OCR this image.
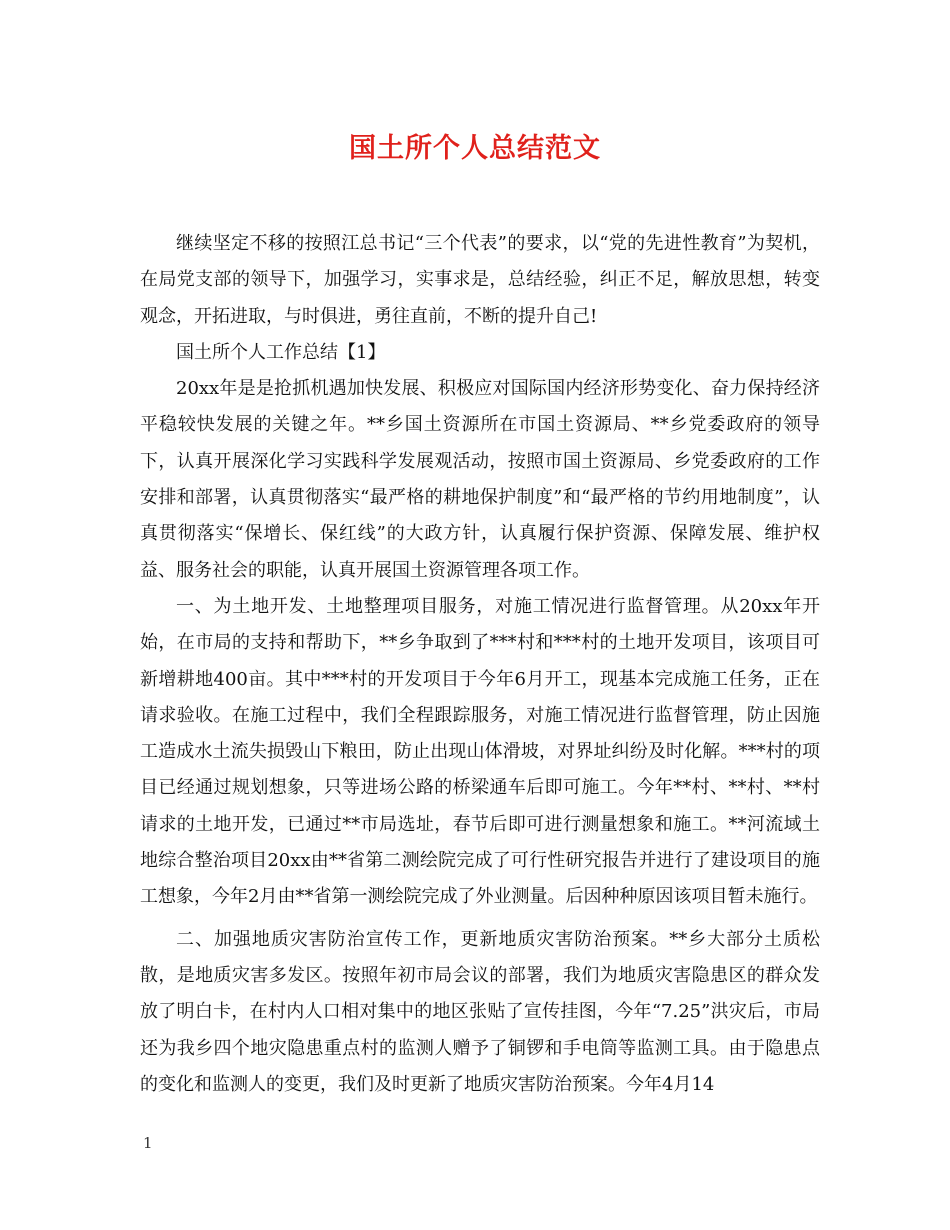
国土所个人总结范文

继续坚定不移的按照江总书记“三个代表”的要求，以“党的先进性教育”为契机，在局党支部的领导下，加强学习，实事求是，总结经验，纠正不足，解放思想，转变观念，开拓进取，与时俱进，勇往直前，不断的提升自己!

国土所个人工作总结【1】

20xx年是是抢抓机遇加快发展、积极应对国际国内经济形势变化、奋力保持经济平稳较快发展的关键之年。**乡国土资源所在市国土资源局、**乡党委政府的领导下，认真开展深化学习实践科学发展观活动，按照市国土资源局、乡党委政府的工作安排和部署，认真贯彻落实“最严格的耕地保护制度”和“最严格的节约用地制度”，认真贯彻落实“保增长、保红线”的大政方针，认真履行保护资源、保障发展、维护权益、服务社会的职能，认真开展国土资源管理各项工作。

一、为土地开发、土地整理项目服务，对施工情况进行监督管理。从20xx年开始，在市局的支持和帮助下，**乡争取到了***村和***村的土地开发项目，该项目可新增耕地400亩。其中***村的开发项目于今年6月开工，现基本完成施工任务，正在请求验收。在施工过程中，我们全程跟踪服务，对施工情况进行监督管理，防止因施工造成水土流失损毁山下粮田，防止出现山体滑坡，对界址纠纷及时化解。***村的项目已经通过规划想象，只等进场公路的桥梁通车后即可施工。今年**村、**村、**村请求的土地开发，已通过**市局选址，春节后即可进行测量想象和施工。**河流域土地综合整治项目20xx由**省第二测绘院完成了可行性研究报告并进行了建设项目的施工想象，今年2月由**省第一测绘院完成了外业测量。后因种种原因该项目暂未施行。

二、加强地质灾害防治宣传工作，更新地质灾害防治预案。**乡大部分土质松散，是地质灾害多发区。按照年初市局会议的部署，我们为地质灾害隐患区的群众发放了明白卡，在村内人口相对集中的地区张贴了宣传挂图，今年“7.25”洪灾后，市局还为我乡四个地灾隐患重点村的监测人赠予了铜锣和手电筒等监测工具。由于隐患点的变化和监测人的变更，我们及时更新了地质灾害防治预案。今年4月14

1
